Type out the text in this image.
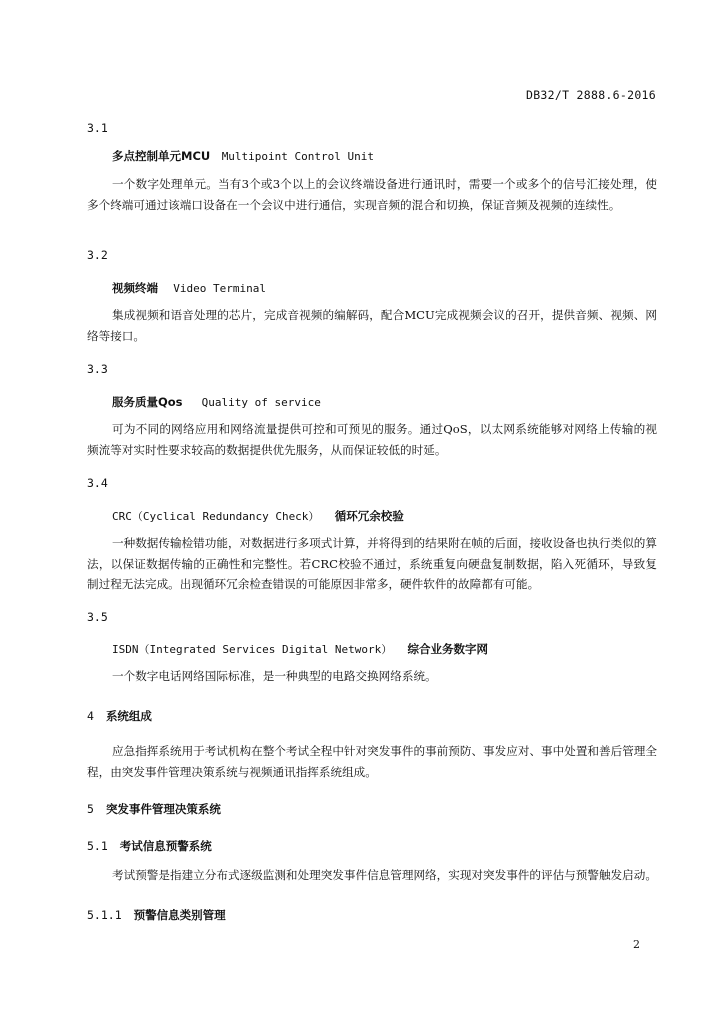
DB32/T 2888.6-2016
3.1
多点控制单元MCU Multipoint Control Unit
一个数字处理单元。当有3个或3个以上的会议终端设备进行通讯时，需要一个或多个的信号汇接处理，使多个终端可通过该端口设备在一个会议中进行通信，实现音频的混合和切换，保证音频及视频的连续性。
3.2
视频终端 Video Terminal
集成视频和语音处理的芯片，完成音视频的编解码，配合MCU完成视频会议的召开，提供音频、视频、网络等接口。
3.3
服务质量Qos Quality of service
可为不同的网络应用和网络流量提供可控和可预见的服务。通过QoS，以太网系统能够对网络上传输的视频流等对实时性要求较高的数据提供优先服务，从而保证较低的时延。
3.4
CRC（Cyclical Redundancy Check） 循环冗余校验
一种数据传输检错功能，对数据进行多项式计算，并将得到的结果附在帧的后面，接收设备也执行类似的算法，以保证数据传输的正确性和完整性。若CRC校验不通过，系统重复向硬盘复制数据，陷入死循环，导致复制过程无法完成。出现循环冗余检查错误的可能原因非常多，硬件软件的故障都有可能。
3.5
ISDN（Integrated Services Digital Network） 综合业务数字网
一个数字电话网络国际标准，是一种典型的电路交换网络系统。
4 系统组成
应急指挥系统用于考试机构在整个考试全程中针对突发事件的事前预防、事发应对、事中处置和善后管理全程，由突发事件管理决策系统与视频通讯指挥系统组成。
5 突发事件管理决策系统
5.1 考试信息预警系统
考试预警是指建立分布式逐级监测和处理突发事件信息管理网络，实现对突发事件的评估与预警触发启动。
5.1.1 预警信息类别管理
2
